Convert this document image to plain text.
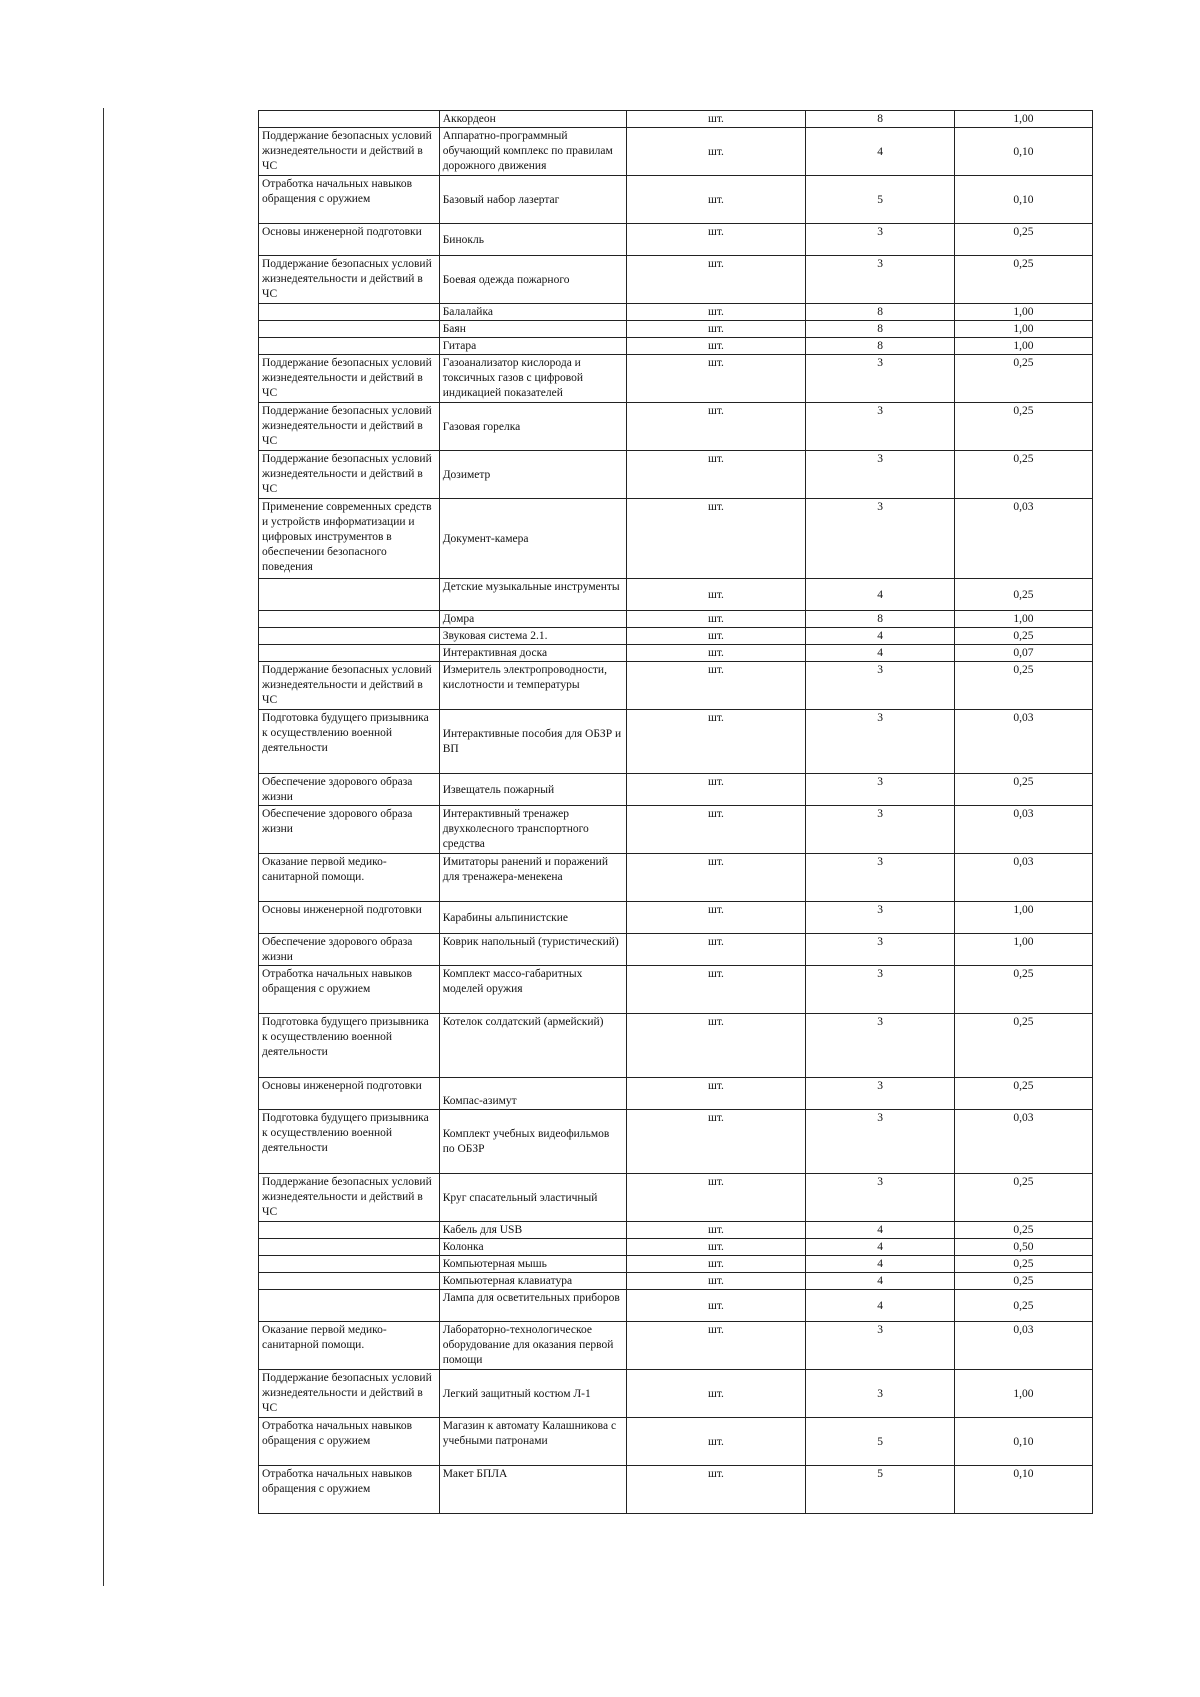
	Аккордеон	шт.	8	1,00
Поддержание безопасных условий жизнедеятельности и действий в ЧС	Аппаратно-программный обучающий комплекс по правилам дорожного движения	шт.	4	0,10
Отработка начальных навыков обращения с оружием	Базовый набор лазертаг	шт.	5	0,10
Основы инженерной подготовки	Бинокль	шт.	3	0,25
Поддержание безопасных условий жизнедеятельности и действий в ЧС	Боевая одежда пожарного	шт.	3	0,25
	Балалайка	шт.	8	1,00
	Баян	шт.	8	1,00
	Гитара	шт.	8	1,00
Поддержание безопасных условий жизнедеятельности и действий в ЧС	Газоанализатор кислорода и токсичных газов с цифровой индикацией показателей	шт.	3	0,25
Поддержание безопасных условий жизнедеятельности и действий в ЧС	Газовая горелка	шт.	3	0,25
Поддержание безопасных условий жизнедеятельности и действий в ЧС	Дозиметр	шт.	3	0,25
Применение современных средств и устройств информатизации и цифровых инструментов в обеспечении безопасного поведения	Документ-камера	шт.	3	0,03
	Детские музыкальные инструменты	шт.	4	0,25
	Домра	шт.	8	1,00
	Звуковая система 2.1.	шт.	4	0,25
	Интерактивная доска	шт.	4	0,07
Поддержание безопасных условий жизнедеятельности и действий в ЧС	Измеритель электропроводности, кислотности и температуры	шт.	3	0,25
Подготовка будущего призывника к осуществлению военной деятельности	Интерактивные пособия для ОБЗР и ВП	шт.	3	0,03
Обеспечение здорового образа жизни	Извещатель пожарный	шт.	3	0,25
Обеспечение здорового образа жизни	Интерактивный тренажер двухколесного транспортного средства	шт.	3	0,03
Оказание первой медико-санитарной помощи.	Имитаторы ранений и поражений для тренажера-менекена	шт.	3	0,03
Основы инженерной подготовки	Карабины альпинистские	шт.	3	1,00
Обеспечение здорового образа жизни	Коврик напольный (туристический)	шт.	3	1,00
Отработка начальных навыков обращения с оружием	Комплект массо-габаритных моделей оружия	шт.	3	0,25
Подготовка будущего призывника к осуществлению военной деятельности	Котелок солдатский (армейский)	шт.	3	0,25
Основы инженерной подготовки	Компас-азимут	шт.	3	0,25
Подготовка будущего призывника к осуществлению военной деятельности	Комплект учебных видеофильмов по ОБЗР	шт.	3	0,03
Поддержание безопасных условий жизнедеятельности и действий в ЧС	Круг спасательный эластичный	шт.	3	0,25
	Кабель для USB	шт.	4	0,25
	Колонка	шт.	4	0,50
	Компьютерная мышь	шт.	4	0,25
	Компьютерная клавиатура	шт.	4	0,25
	Лампа для осветительных приборов	шт.	4	0,25
Оказание первой медико-санитарной помощи.	Лабораторно-технологическое оборудование для оказания первой помощи	шт.	3	0,03
Поддержание безопасных условий жизнедеятельности и действий в ЧС	Легкий защитный костюм Л-1	шт.	3	1,00
Отработка начальных навыков обращения с оружием	Магазин к автомату Калашникова с учебными патронами	шт.	5	0,10
Отработка начальных навыков обращения с оружием	Макет БПЛА	шт.	5	0,10
